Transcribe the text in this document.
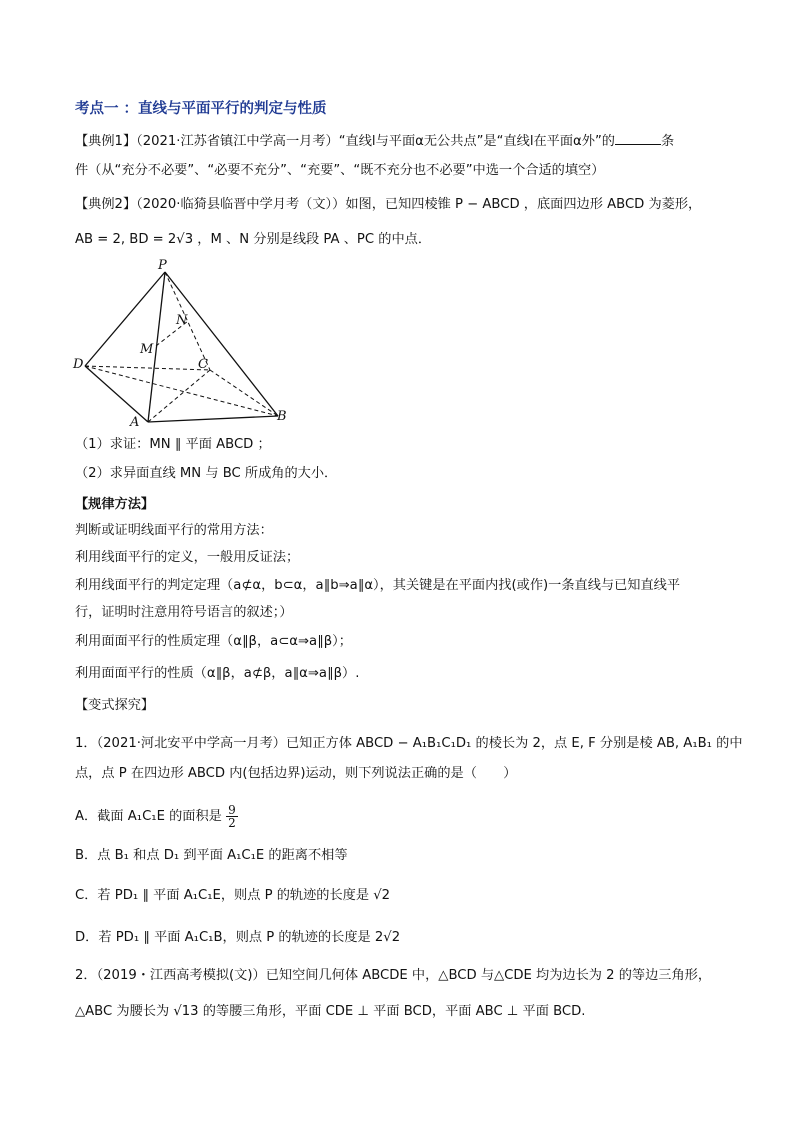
考点一 ：直线与平面平行的判定与性质
【典例1】（2021·江苏省镇江中学高一月考）“直线l与平面α无公共点”是“直线l在平面α外”的	条
件（从“充分不必要”、“必要不充分”、“充要”、“既不充分也不必要”中选一个合适的填空）
【典例2】（2020·临猗县临晋中学月考（文））如图，已知四棱锥 P − ABCD ，底面四边形 ABCD 为菱形，
AB = 2, BD = 2√3 ，M 、N 分别是线段 PA 、PC 的中点．
P
N
M
C
D
A	B
（1）求证：MN ∥ 平面 ABCD ；
（2）求异面直线 MN 与 BC 所成角的大小．
【规律方法】
判断或证明线面平行的常用方法：
利用线面平行的定义，一般用反证法；
利用线面平行的判定定理（a⊄α，b⊂α，a∥b⇒a∥α），其关键是在平面内找(或作)一条直线与已知直线平
行，证明时注意用符号语言的叙述；）
利用面面平行的性质定理（α∥β，a⊂α⇒a∥β）；
利用面面平行的性质（α∥β，a⊄β，a∥α⇒a∥β）.
【变式探究】
1．（2021·河北安平中学高一月考）已知正方体 ABCD − A₁B₁C₁D₁ 的棱长为 2，点 E, F 分别是棱 AB, A₁B₁ 的中
点，点 P 在四边形 ABCD 内(包括边界)运动，则下列说法正确的是（　　）
A．截面 A₁C₁E 的面积是 $\frac{9}{2}$
B．点 B₁ 和点 D₁ 到平面 A₁C₁E 的距离不相等
C．若 PD₁ ∥ 平面 A₁C₁E，则点 P 的轨迹的长度是 √2
D．若 PD₁ ∥ 平面 A₁C₁B，则点 P 的轨迹的长度是 2√2
2．（2019・江西高考模拟(文)）已知空间几何体 ABCDE 中，△BCD 与△CDE 均为边长为 2 的等边三角形，
△ABC 为腰长为 √13 的等腰三角形，平面 CDE ⊥ 平面 BCD，平面 ABC ⊥ 平面 BCD.
